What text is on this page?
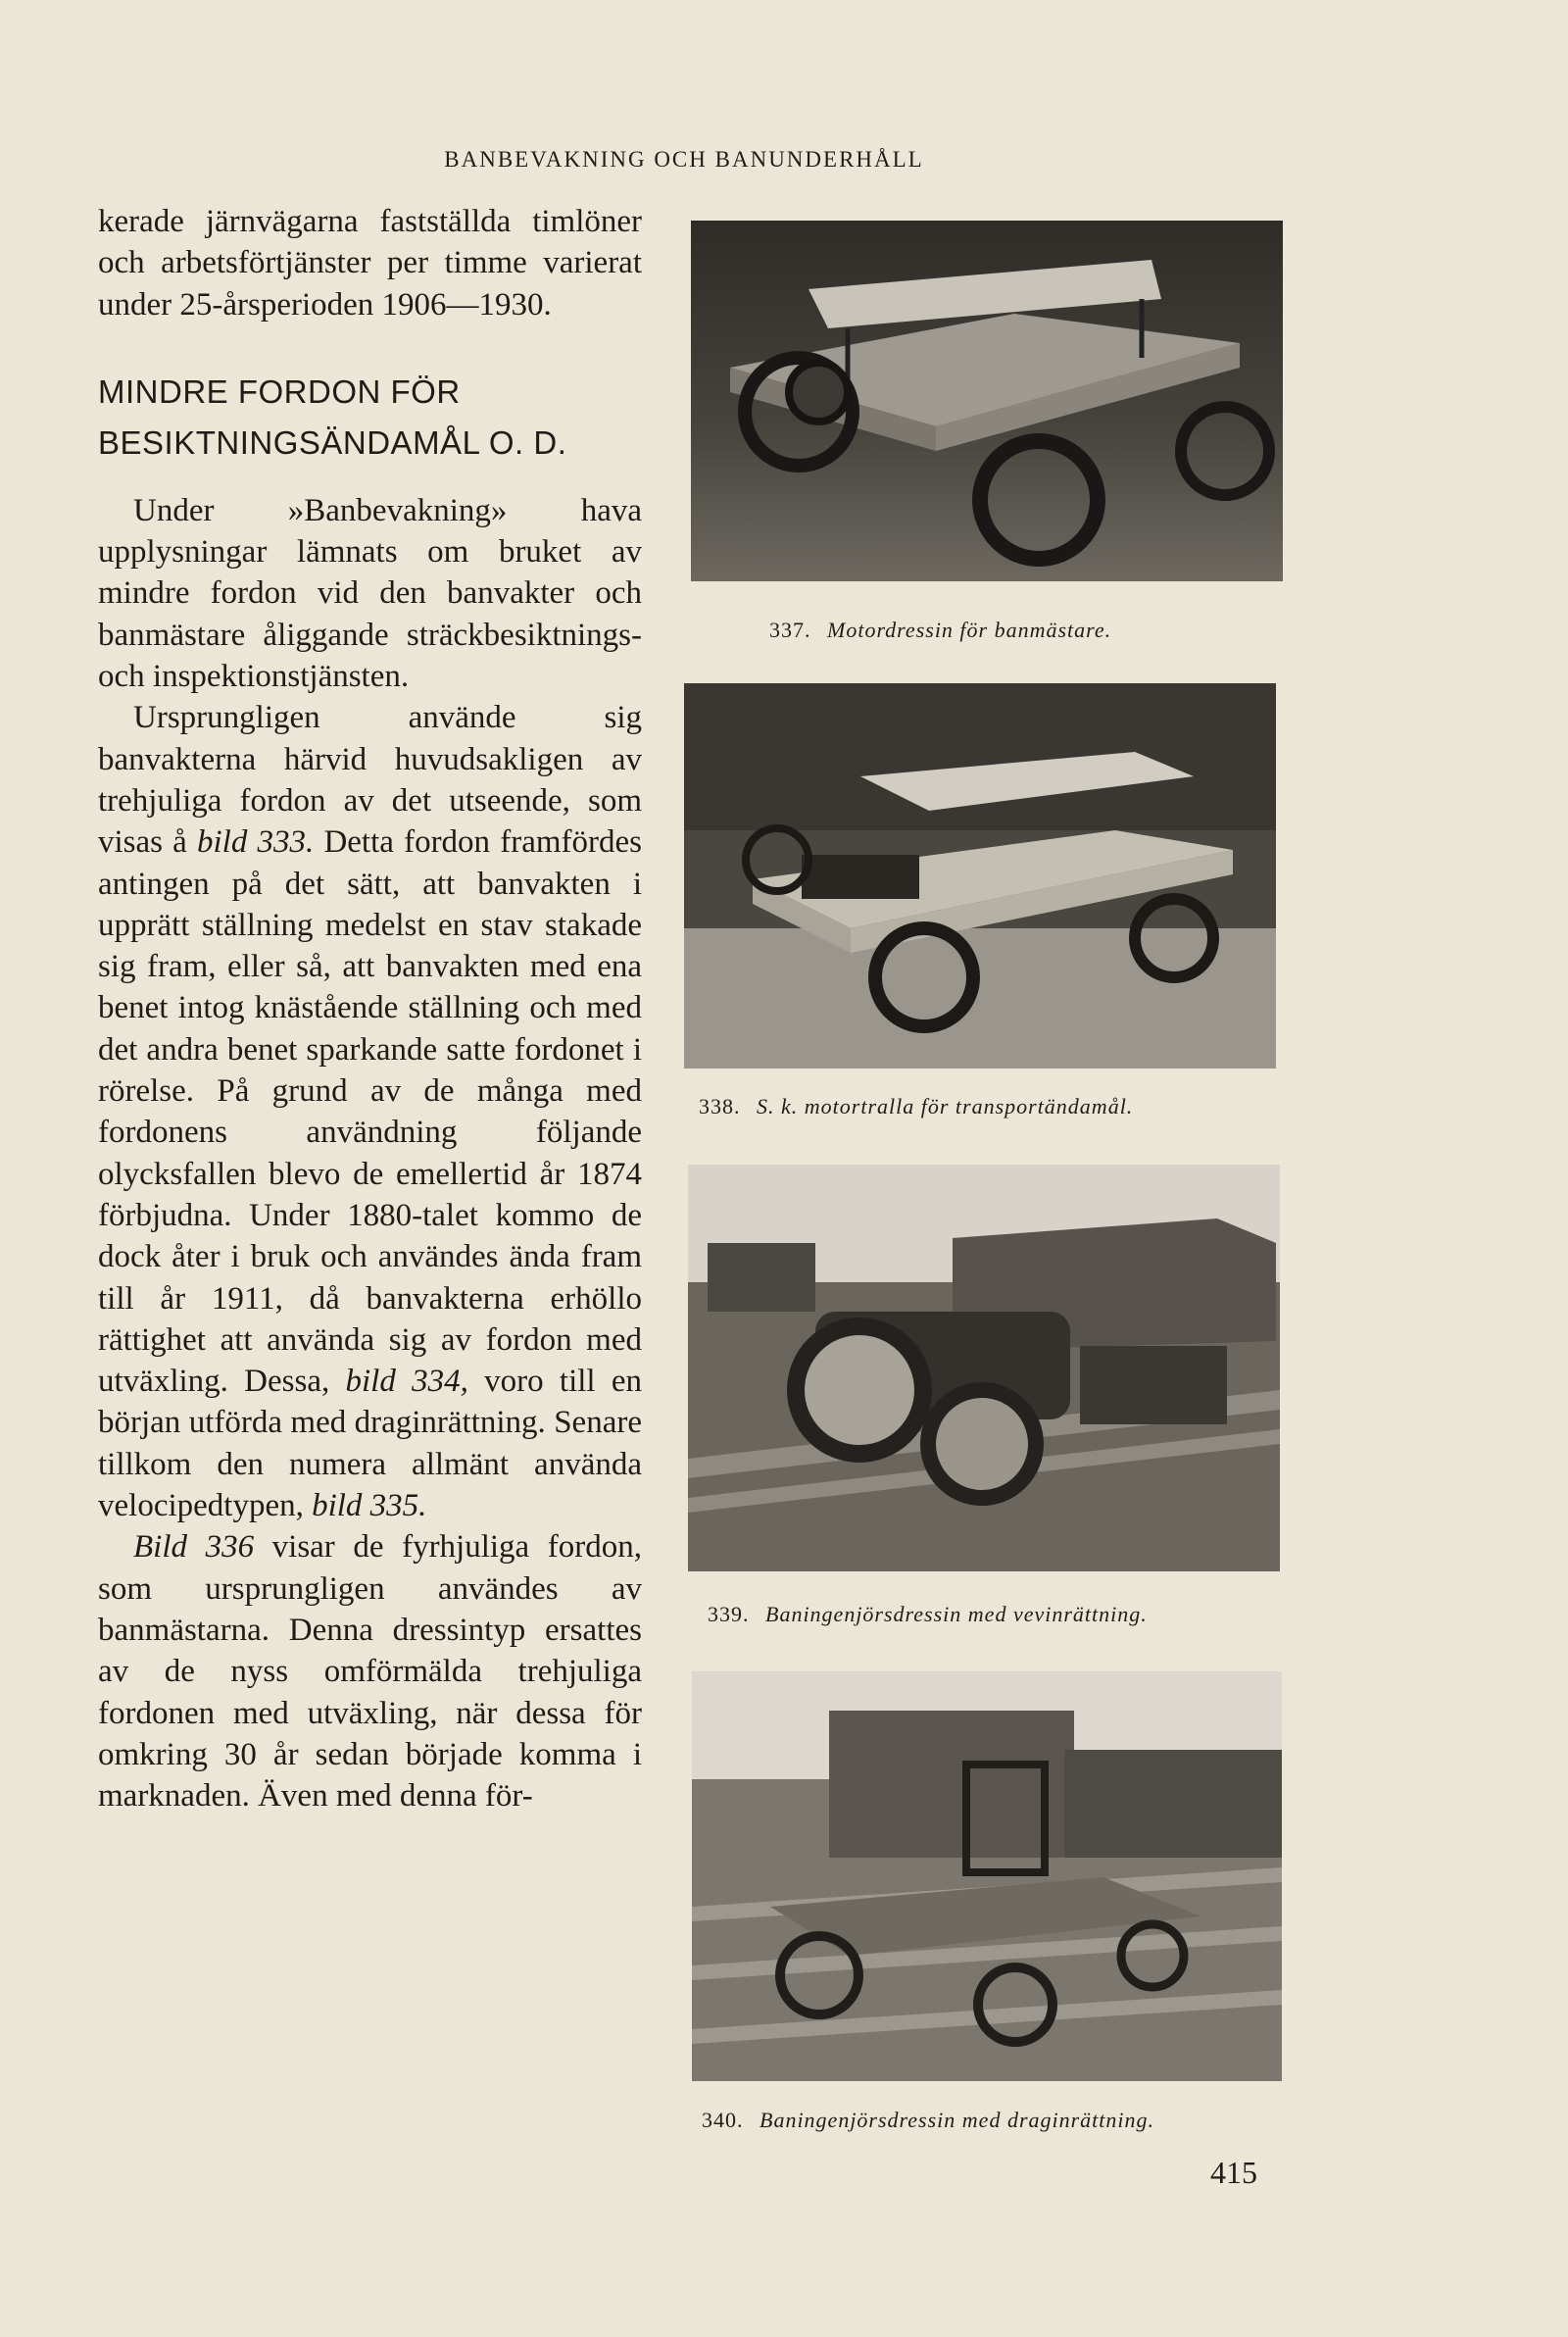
BANBEVAKNING OCH BANUNDERHÅLL

kerade järnvägarna fastställda timlöner och arbetsförtjänster per timme varierat under 25-årsperioden 1906—1930.

MINDRE FORDON FÖR BESIKTNINGSÄNDAMÅL O. D.

Under »Banbevakning» hava upplysningar lämnats om bruket av mindre fordon vid den banvakter och banmästare åliggande sträckbesiktnings- och inspektionstjänsten.

Ursprungligen använde sig banvakterna härvid huvudsakligen av trehjuliga fordon av det utseende, som visas å bild 333. Detta fordon framfördes antingen på det sätt, att banvakten i upprätt ställning medelst en stav stakade sig fram, eller så, att banvakten med ena benet intog knästående ställning och med det andra benet sparkande satte fordonet i rörelse. På grund av de många med fordonens användning följande olycksfallen blevo de emellertid år 1874 förbjudna. Under 1880-talet kommo de dock åter i bruk och användes ända fram till år 1911, då banvakterna erhöllo rättighet att använda sig av fordon med utväxling. Dessa, bild 334, voro till en början utförda med draginrättning. Senare tillkom den numera allmänt använda velocipedtypen, bild 335.

Bild 336 visar de fyrhjuliga fordon, som ursprungligen användes av banmästarna. Denna dressintyp ersattes av de nyss omförmälda trehjuliga fordonen med utväxling, när dessa för omkring 30 år sedan började komma i marknaden. Även med denna för-

337. Motordressin för banmästare.
338. S. k. motortralla för transportändamål.
339. Baningenjörsdressin med vevinrättning.
340. Baningenjörsdressin med draginrättning.
415
